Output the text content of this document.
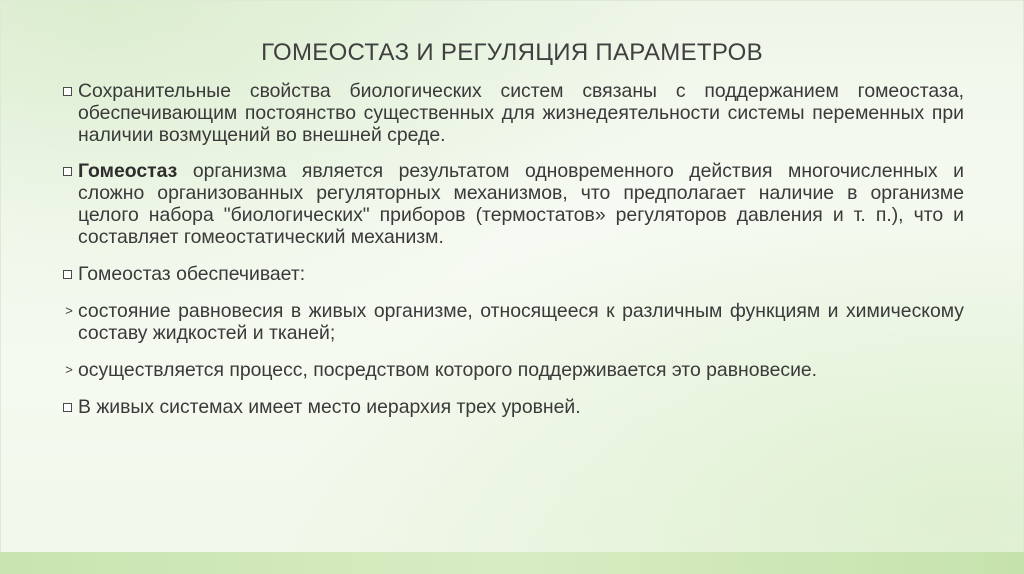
ГОМЕОСТАЗ И РЕГУЛЯЦИЯ ПАРАМЕТРОВ
Сохранительные свойства биологических систем связаны с поддержанием гомеостаза, обеспечивающим постоянство существенных для жизнедеятельности системы переменных при наличии возмущений во внешней среде.
Гомеостаз организма является результатом одновременного действия многочисленных и сложно организованных регуляторных механизмов, что предполагает наличие в организме целого набора "биологических" приборов (термостатов» регуляторов давления и т. п.), что и составляет гомеостатический механизм.
Гомеостаз обеспечивает:
> состояние равновесия в живых организме, относящееся к различным функциям и химическому составу жидкостей и тканей;
> осуществляется процесс, посредством которого поддерживается это равновесие.
В живых системах имеет место иерархия трех уровней.
